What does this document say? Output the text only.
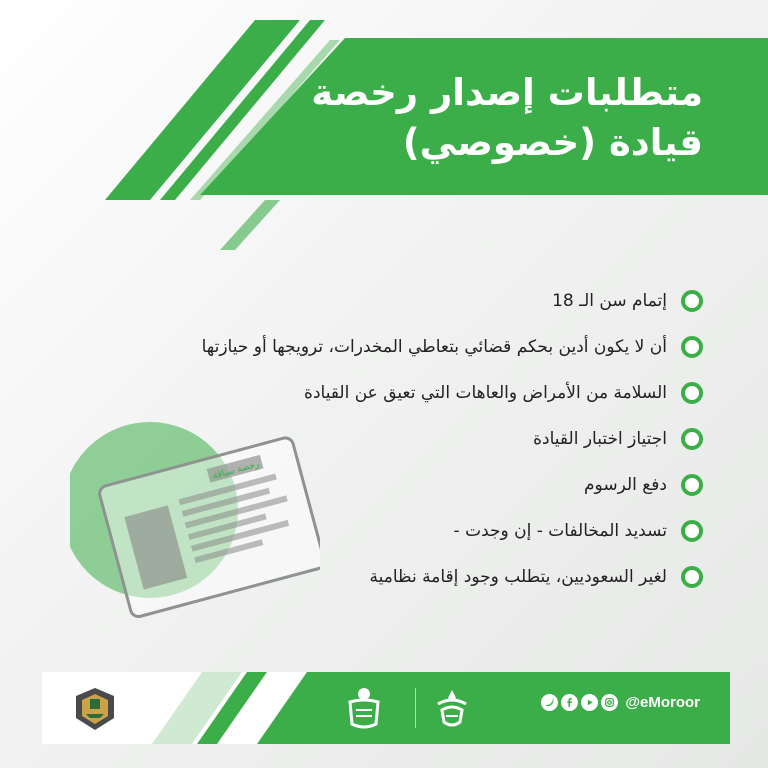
متطلبات إصدار رخصة
قيادة (خصوصي)
رخصة سياقة
إتمام سن الـ 18
أن لا يكون أدين بحكم قضائي بتعاطي المخدرات، ترويجها أو حيازتها
السلامة من الأمراض والعاهات التي تعيق عن القيادة
اجتياز اختبار القيادة
دفع الرسوم
تسديد المخالفات - إن وجدت -
لغير السعوديين، يتطلب وجود إقامة نظامية
@eMoroor
